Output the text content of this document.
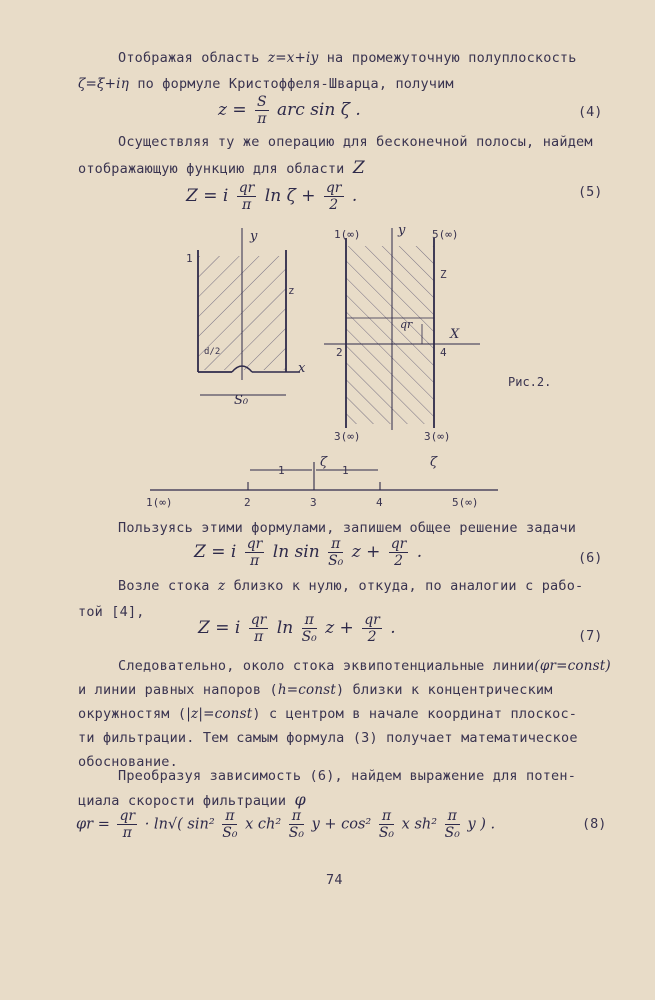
Отображая область z=x+iy на промежуточную полуплоскость
ζ=ξ+iη по формуле Кристоффеля-Шварца, получим
$z = \frac{S}{\pi}$ arc sin ζ .	(4)
Осуществляя ту же операцию для бесконечной полосы, найдем
отображающую функцию для области Z
Z = i $\frac{qr}{\pi}$ $\ln \zeta + \frac{qr}{2}$ .	(5)
y
x
z
1
d/2
S₀
1(∞)	y 5(∞)
Z
qr
X
2	4
3(∞)	3(∞)
ζ
Рис.2.
1	1
ζ
1(∞)	2	3	4	5(∞)
Пользуясь этими формулами, запишем общее решение задачи
Z = i $\frac{qr}{\pi}$ $\ln \sin \frac{\pi}{\text{S₀}}$ $z + \frac{qr}{2}$ .	(6)
Возле стока z близко к нулю, откуда, по аналогии с рабо-
той [4],
Z = i $\frac{qr}{\pi}$ $\ln \frac{\pi}{\text{S₀}}$ $z + \frac{qr}{2}$ .	(7)
Следовательно, около стока эквипотенциальные линии(φr=const)
и линии равных напоров (h=const) близки к концентрическим
окружностям (|z|=const) с центром в начале координат плоскос-
ти фильтрации. Тем самым формула (3) получает математическое
обоснование.
Преобразуя зависимость (6), найдем выражение для потен-
циала скорости фильтрации φ
$\varphi r = \frac{qr}{\pi} \cdot \ln√$( $\sin^2 \frac{\pi}{\text{S₀}}$ x $ch^2 \frac{\pi}{\text{S₀}}$ $y + \cos^2 \frac{\pi}{\text{S₀}}$ x $sh^2 \frac{\pi}{\text{S₀}}$ y ) .	(8)
74
